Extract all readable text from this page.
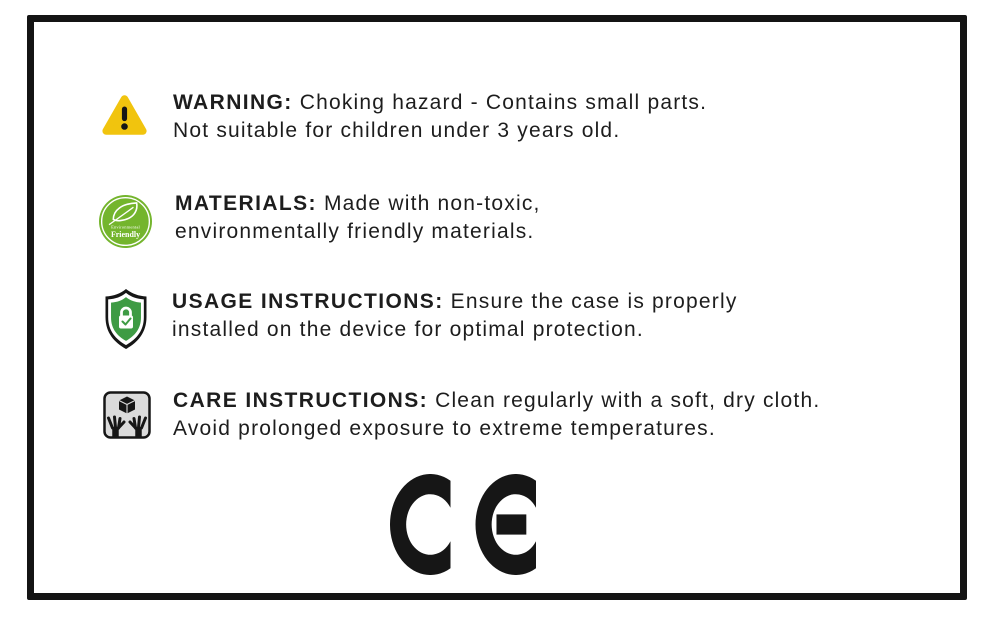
WARNING: Choking hazard - Contains small parts.
Not suitable for children under 3 years old.

Environmental
Friendly

MATERIALS: Made with non-toxic,
environmentally friendly materials.

USAGE INSTRUCTIONS: Ensure the case is properly
installed on the device for optimal protection.

CARE INSTRUCTIONS: Clean regularly with a soft, dry cloth.
Avoid prolonged exposure to extreme temperatures.
